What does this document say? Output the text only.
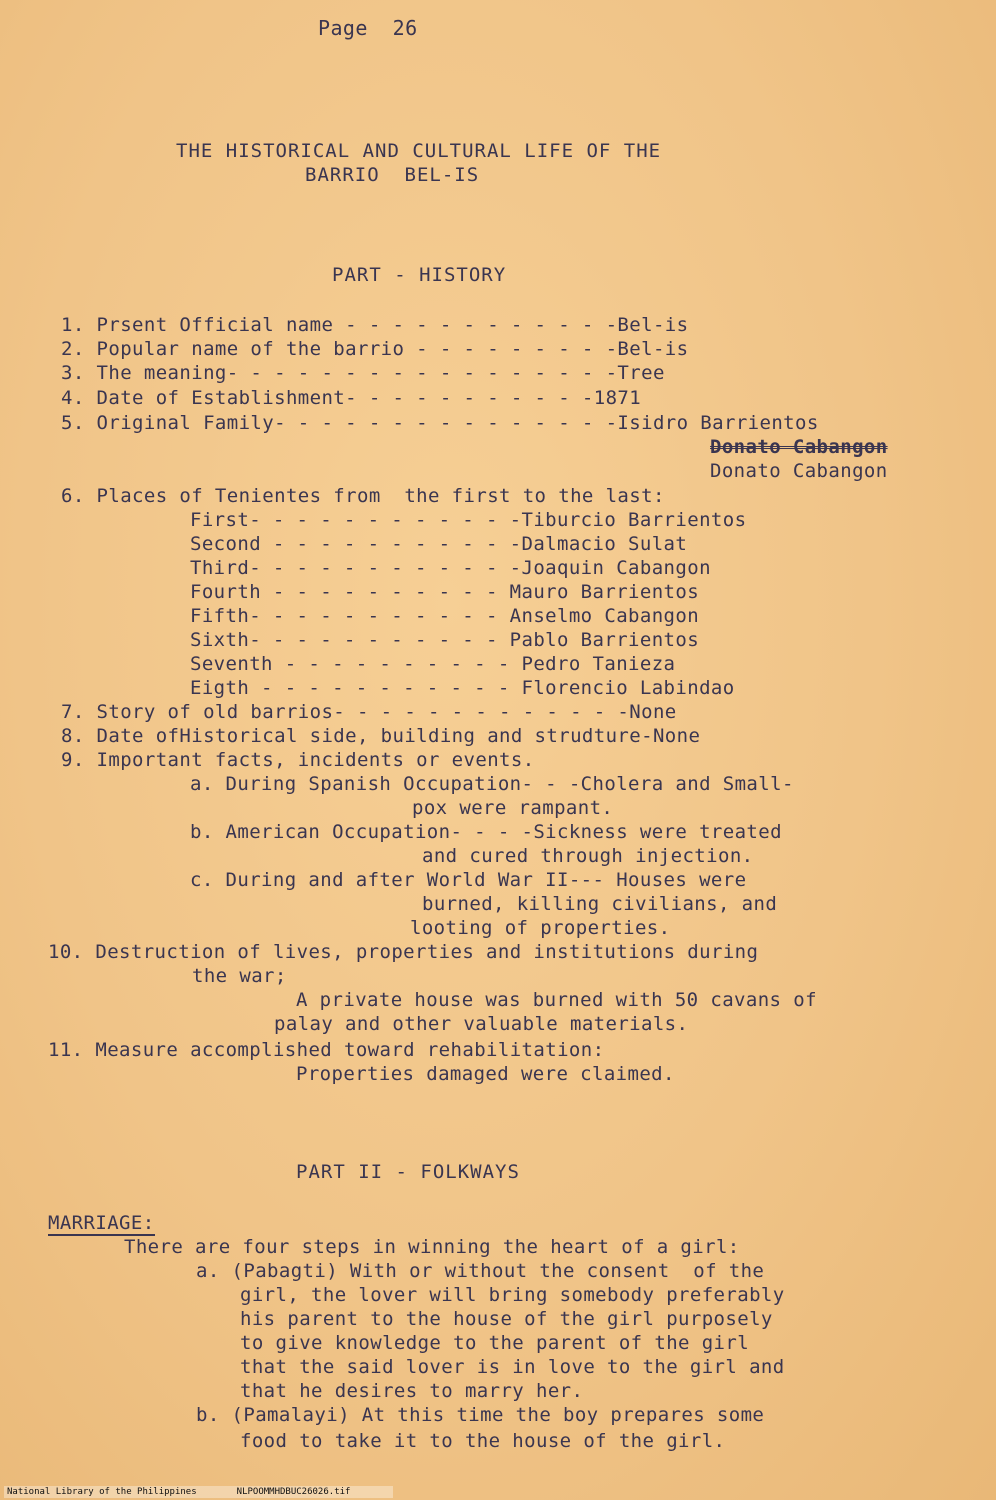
Page  26
THE HISTORICAL AND CULTURAL LIFE OF THE
BARRIO  BEL-IS
PART - HISTORY
1. Prsent Official name - - - - - - - - - - - -Bel-is
2. Popular name of the barrio - - - - - - - - -Bel-is
3. The meaning- - - - - - - - - - - - - - - - -Tree
4. Date of Establishment- - - - - - - - - - -1871
5. Original Family- - - - - - - - - - - - - - -Isidro Barrientos
Donato Cabangon
Donato Cabangon
6. Places of Tenientes from  the first to the last:
First- - - - - - - - - - - -Tiburcio Barrientos
Second - - - - - - - - - - -Dalmacio Sulat
Third- - - - - - - - - - - -Joaquin Cabangon
Fourth - - - - - - - - - - Mauro Barrientos
Fifth- - - - - - - - - - - Anselmo Cabangon
Sixth- - - - - - - - - - - Pablo Barrientos
Seventh - - - - - - - - - - Pedro Tanieza
Eigth - - - - - - - - - - - Florencio Labindao
7. Story of old barrios- - - - - - - - - - - - -None
8. Date ofHistorical side, building and strudture-None
9. Important facts, incidents or events.
a. During Spanish Occupation- - -Cholera and Small-
pox were rampant.
b. American Occupation- - - -Sickness were treated
and cured through injection.
c. During and after World War II--- Houses were
burned, killing civilians, and
looting of properties.
10. Destruction of lives, properties and institutions during
the war;
A private house was burned with 50 cavans of
palay and other valuable materials.
11. Measure accomplished toward rehabilitation:
Properties damaged were claimed.
PART II - FOLKWAYS
MARRIAGE:
There are four steps in winning the heart of a girl:
a. (Pabagti) With or without the consent  of the
girl, the lover will bring somebody preferably
his parent to the house of the girl purposely
to give knowledge to the parent of the girl
that the said lover is in love to the girl and
that he desires to marry her.
b. (Pamalayi) At this time the boy prepares some
food to take it to the house of the girl.
National Library of the Philippines	NLPOOMMHDBUC26026.tif
